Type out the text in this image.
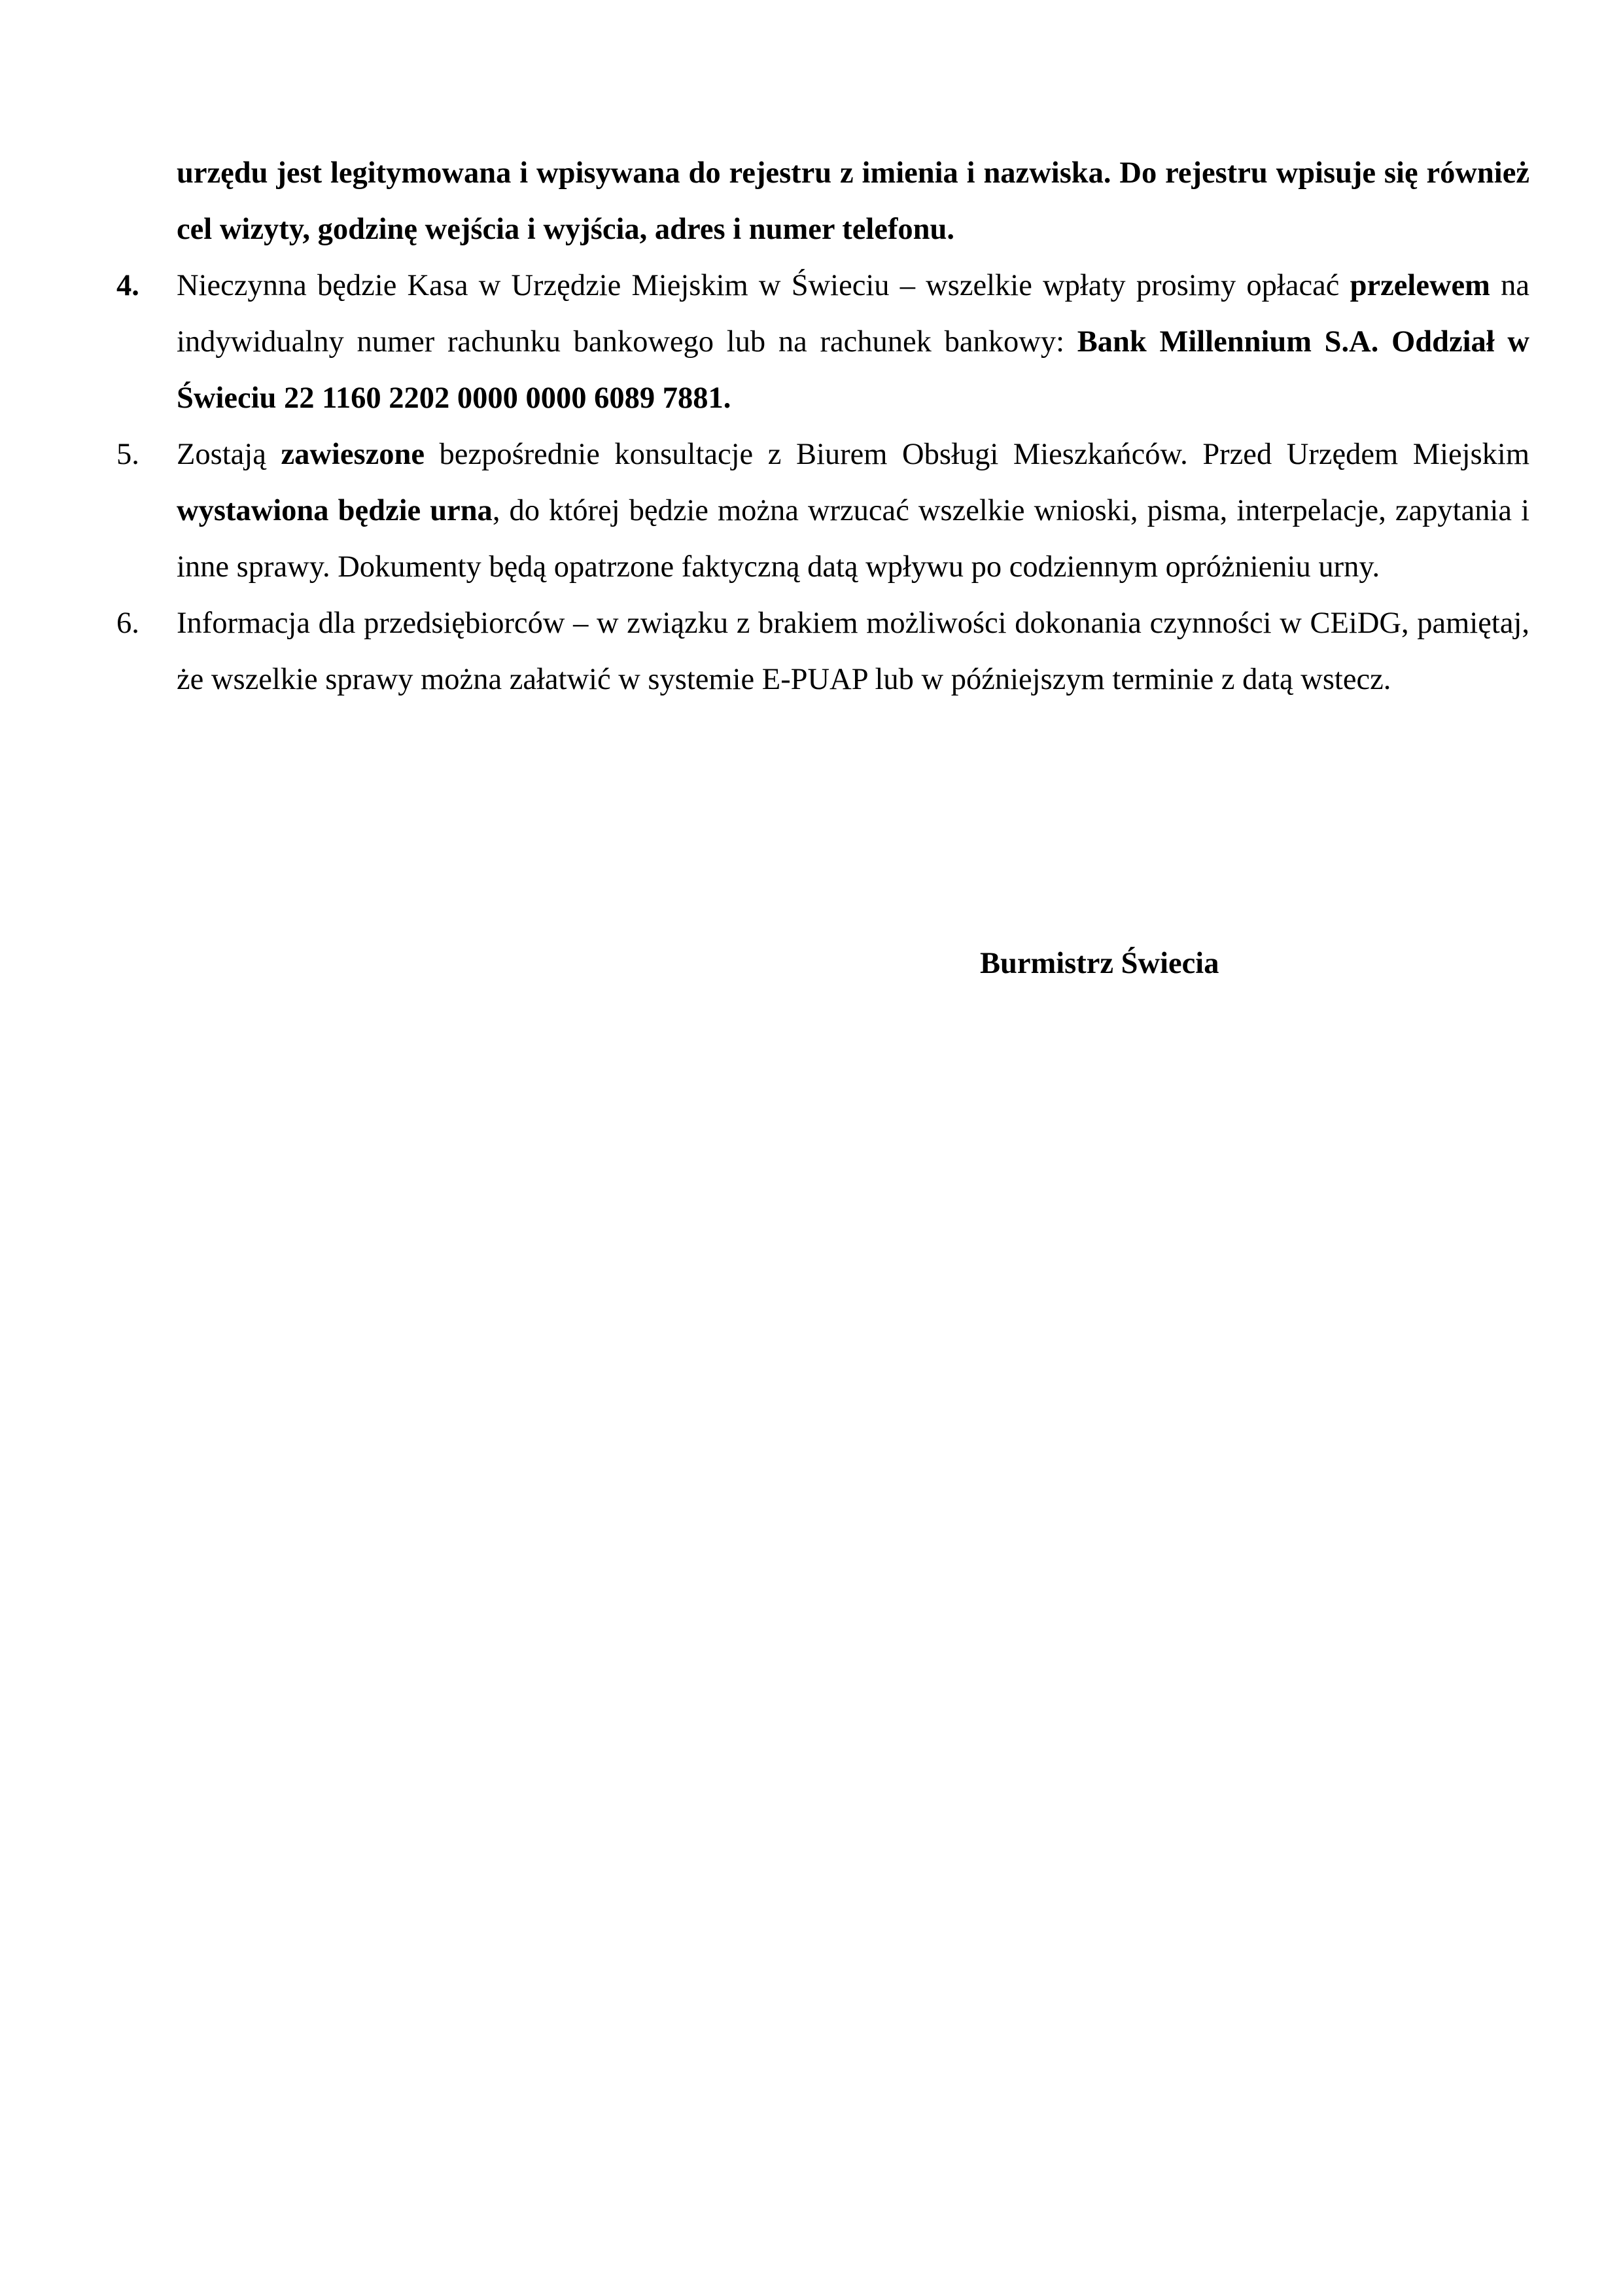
urzędu jest legitymowana i wpisywana do rejestru z imienia i nazwiska. Do rejestru wpisuje się również cel wizyty, godzinę wejścia i wyjścia, adres i numer telefonu.
4.	Nieczynna będzie Kasa w Urzędzie Miejskim w Świeciu – wszelkie wpłaty prosimy opłacać przelewem na indywidualny numer rachunku bankowego lub na rachunek bankowy: Bank Millennium S.A. Oddział w Świeciu 22 1160 2202 0000 0000 6089 7881.
5.	Zostają zawieszone bezpośrednie konsultacje z Biurem Obsługi Mieszkańców. Przed Urzędem Miejskim wystawiona będzie urna, do której będzie można wrzucać wszelkie wnioski, pisma, interpelacje, zapytania i inne sprawy. Dokumenty będą opatrzone faktyczną datą wpływu po codziennym opróżnieniu urny.
6.	Informacja dla przedsiębiorców – w związku z brakiem możliwości dokonania czynności w CEiDG, pamiętaj, że wszelkie sprawy można załatwić w systemie E-PUAP lub w późniejszym terminie z datą wstecz.
Burmistrz Świecia
